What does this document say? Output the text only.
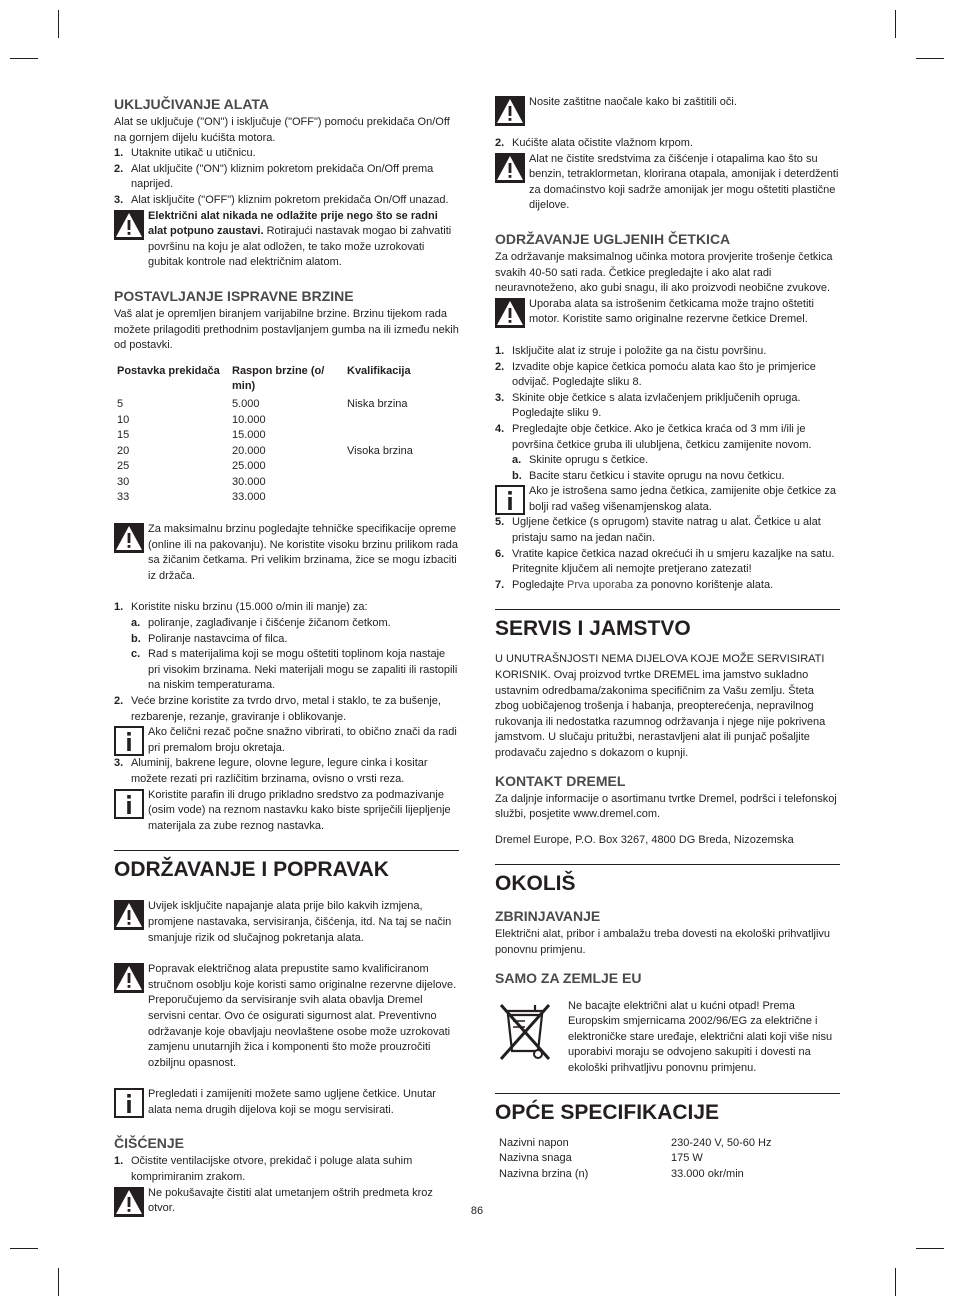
UKLJUČIVANJE ALATA

Alat se uključuje ("ON") i isključuje ("OFF") pomoću prekidača On/Off na gornjem dijelu kućišta motora.

1. Utaknite utikač u utičnicu.
2. Alat uključite ("ON") kliznim pokretom prekidača On/Off prema naprijed.
3. Alat isključite ("OFF") kliznim pokretom prekidača On/Off unazad.
Električni alat nikada ne odlažite prije nego što se radni alat potpuno zaustavi. Rotirajući nastavak mogao bi zahvatiti površinu na koju je alat odložen, te tako može uzrokovati gubitak kontrole nad električnim alatom.
POSTAVLJANJE ISPRAVNE BRZINE

Vaš alat je opremljen biranjem varijabilne brzine. Brzinu tijekom rada možete prilagoditi prethodnim postavljanjem gumba na ili između nekih od postavki.

Postavka prekidača	Raspon brzine (o/ min)	Kvalifikacija
5	5.000	Niska brzina
10	10.000	
15	15.000	
20	20.000	Visoka brzina
25	25.000	
30	30.000	
33	33.000	
Za maksimalnu brzinu pogledajte tehničke specifikacije opreme (online ili na pakovanju). Ne koristite visoku brzinu prilikom rada sa žičanim četkama. Pri velikim brzinama, žice se mogu izbaciti iz držača.
1. Koristite nisku brzinu (15.000 o/min ili manje) za:
a. poliranje, zaglađivanje i čišćenje žičanom četkom.
b. Poliranje nastavcima of filca.
c. Rad s materijalima koji se mogu oštetiti toplinom koja nastaje pri visokim brzinama. Neki materijali mogu se zapaliti ili rastopili na niskim temperaturama.
2. Veće brzine koristite za tvrdo drvo, metal i staklo, te za bušenje, rezbarenje, rezanje, graviranje i oblikovanje.
Ako čelični rezač počne snažno vibrirati, to obično znači da radi pri premalom broju okretaja.
3. Aluminij, bakrene legure, olovne legure, legure cinka i kositar možete rezati pri različitim brzinama, ovisno o vrsti reza.
Koristite parafin ili drugo prikladno sredstvo za podmazivanje (osim vode) na reznom nastavku kako biste spriječili lijepljenje materijala za zube reznog nastavka.
ODRŽAVANJE I POPRAVAK
Uvijek isključite napajanje alata prije bilo kakvih izmjena, promjene nastavaka, servisiranja, čišćenja, itd. Na taj se način smanjuje rizik od slučajnog pokretanja alata.
Popravak električnog alata prepustite samo kvalificiranom stručnom osoblju koje koristi samo originalne rezervne dijelove. Preporučujemo da servisiranje svih alata obavlja Dremel servisni centar. Ovo će osigurati sigurnost alat. Preventivno održavanje koje obavljaju neovlaštene osobe može uzrokovati zamjenu unutarnjih žica i komponenti što može prouzročiti ozbiljnu opasnost.
Pregledati i zamijeniti možete samo ugljene četkice. Unutar alata nema drugih dijelova koji se mogu servisirati.
ČIŠĆENJE
1. Očistite ventilacijske otvore, prekidač i poluge alata suhim komprimiranim zrakom.
Ne pokušavajte čistiti alat umetanjem oštrih predmeta kroz otvor.
Nosite zaštitne naočale kako bi zaštitili oči.
2. Kućište alata očistite vlažnom krpom.
Alat ne čistite sredstvima za čišćenje i otapalima kao što su benzin, tetraklormetan, klorirana otapala, amonijak i deterdženti za domaćinstvo koji sadrže amonijak jer mogu oštetiti plastične dijelove.
ODRŽAVANJE UGLJENIH ČETKICA

Za održavanje maksimalnog učinka motora provjerite trošenje četkica svakih 40-50 sati rada. Četkice pregledajte i ako alat radi neuravnoteženo, ako gubi snagu, ili ako proizvodi neobične zvukove.

Uporaba alata sa istrošenim četkicama može trajno oštetiti motor. Koristite samo originalne rezervne četkice Dremel.
1. Isključite alat iz struje i položite ga na čistu površinu.
2. Izvadite obje kapice četkica pomoću alata kao što je primjerice odvijač. Pogledajte sliku 8.
3. Skinite obje četkice s alata izvlačenjem priključenih opruga. Pogledajte sliku 9.
4. Pregledajte obje četkice. Ako je četkica kraća od 3 mm i/ili je površina četkice gruba ili ulubljena, četkicu zamijenite novom.
a. Skinite oprugu s četkice.
b. Bacite staru četkicu i stavite oprugu na novu četkicu.
Ako je istrošena samo jedna četkica, zamijenite obje četkice za bolji rad vašeg višenamjenskog alata.
5. Ugljene četkice (s oprugom) stavite natrag u alat. Četkice u alat pristaju samo na jedan način.
6. Vratite kapice četkica nazad okrećući ih u smjeru kazaljke na satu. Pritegnite ključem ali nemojte pretjerano zatezati!
7. Pogledajte Prva uporaba za ponovno korištenje alata.
SERVIS I JAMSTVO

U UNUTRAŠNJOSTI NEMA DIJELOVA KOJE MOŽE SERVISIRATI KORISNIK. Ovaj proizvod tvrtke DREMEL ima jamstvo sukladno ustavnim odredbama/zakonima specifičnim za Vašu zemlju. Šteta zbog uobičajenog trošenja i habanja, preopterećenja, nepravilnog rukovanja ili nedostatka razumnog održavanja i njege nije pokrivena jamstvom. U slučaju pritužbi, nerastavljeni alat ili punjač pošaljite prodavaču zajedno s dokazom o kupnji.

KONTAKT DREMEL

Za daljnje informacije o asortimanu tvrtke Dremel, podršci i telefonskoj službi, posjetite www.dremel.com.

Dremel Europe, P.O. Box 3267, 4800 DG Breda, Nizozemska

OKOLIŠ
ZBRINJAVANJE

Električni alat, pribor i ambalažu treba dovesti na ekološki prihvatljivu ponovnu primjenu.

SAMO ZA ZEMLJE EU
Ne bacajte električni alat u kućni otpad! Prema Europskim smjernicama 2002/96/EG za električne i elektroničke stare uređaje, električni alati koji više nisu uporabivi moraju se odvojeno sakupiti i dovesti na ekološki prihvatljivu ponovnu primjenu.
OPĆE SPECIFIKACIJE
Nazivni napon	230-240 V, 50-60 Hz
Nazivna snaga	175 W
Nazivna brzina (n)	33.000 okr/min
86
